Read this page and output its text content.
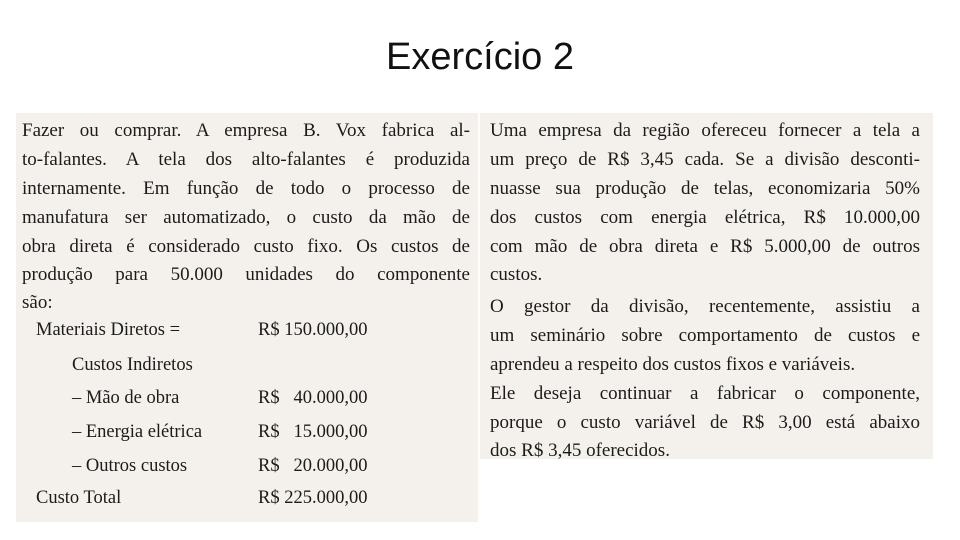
Exercício 2
Fazer ou comprar. A empresa B. Vox fabrica al-
to-falantes. A tela dos alto-falantes é produzida
internamente. Em função de todo o processo de
manufatura ser automatizado, o custo da mão de
obra direta é considerado custo fixo. Os custos de
produção para 50.000 unidades do componente
são:
Materiais Diretos =	R$ 150.000,00
Custos Indiretos
– Mão de obra	R$   40.000,00
– Energia elétrica	R$   15.000,00
– Outros custos	R$   20.000,00
Custo Total	R$ 225.000,00
Uma empresa da região ofereceu fornecer a tela a
um preço de R$ 3,45 cada. Se a divisão desconti-
nuasse sua produção de telas, economizaria 50%
dos custos com energia elétrica, R$ 10.000,00
com mão de obra direta e R$ 5.000,00 de outros
custos.
O gestor da divisão, recentemente, assistiu a
um seminário sobre comportamento de custos e
aprendeu a respeito dos custos fixos e variáveis.
Ele deseja continuar a fabricar o componente,
porque o custo variável de R$ 3,00 está abaixo
dos R$ 3,45 oferecidos.
